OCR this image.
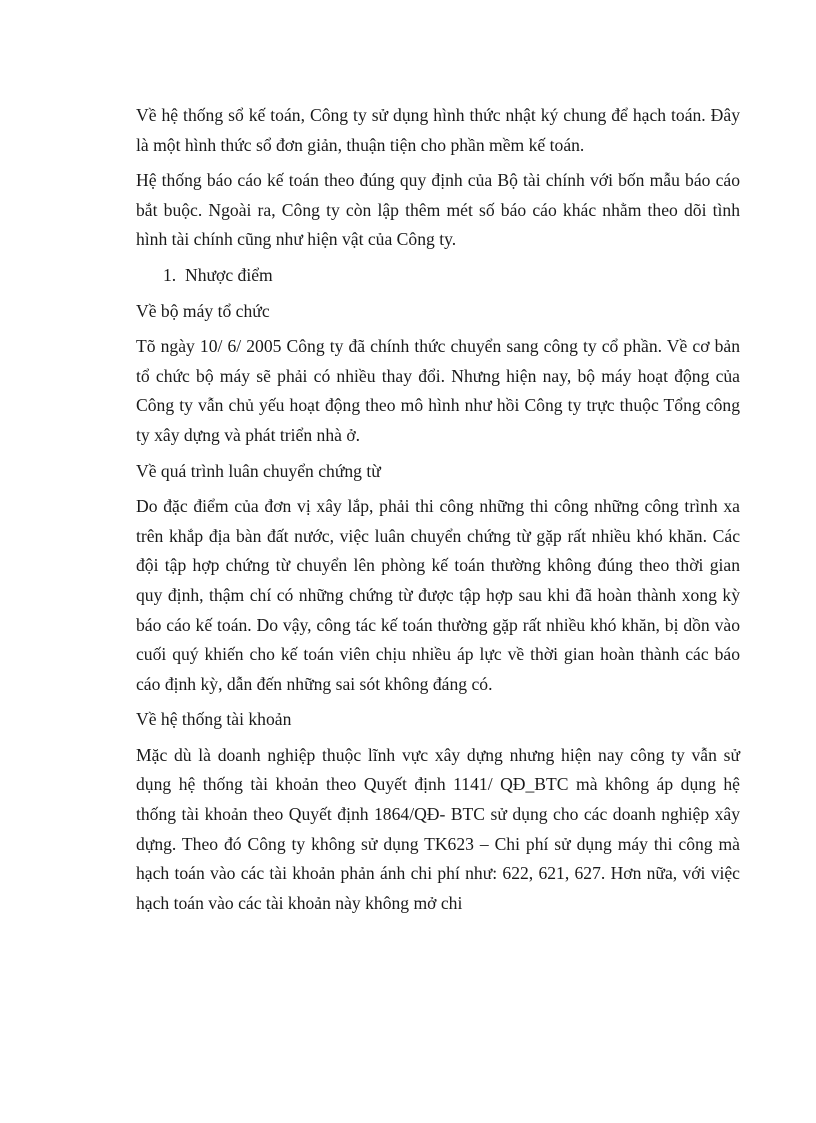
Về hệ thống sổ kế toán, Công ty sử dụng hình thức nhật ký chung để hạch toán. Đây là một hình thức sổ đơn giản, thuận tiện cho phần mềm kế toán.

Hệ thống báo cáo kế toán theo đúng quy định của Bộ tài chính với bốn mẫu báo cáo bắt buộc. Ngoài ra, Công ty còn lập thêm mét số báo cáo khác nhằm theo dõi tình hình tài chính cũng như hiện vật của Công ty.

1. Nhược điểm

Về bộ máy tổ chức

Tõ ngày 10/ 6/ 2005 Công ty đã chính thức chuyển sang công ty cổ phần. Về cơ bản tổ chức bộ máy sẽ phải có nhiều thay đổi. Nhưng hiện nay, bộ máy hoạt động của Công ty vẫn chủ yếu hoạt động theo mô hình như hồi Công ty trực thuộc Tổng công ty xây dựng và phát triển nhà ở.

Về quá trình luân chuyển chứng từ

Do đặc điểm của đơn vị xây lắp, phải thi công những thi công những công trình xa trên khắp địa bàn đất nước, việc luân chuyển chứng từ gặp rất nhiều khó khăn. Các đội tập hợp chứng từ chuyển lên phòng kế toán thường không đúng theo thời gian quy định, thậm chí có những chứng từ được tập hợp sau khi đã hoàn thành xong kỳ báo cáo kế toán. Do vậy, công tác kế toán thường gặp rất nhiều khó khăn, bị dồn vào cuối quý khiến cho kế toán viên chịu nhiều áp lực về thời gian hoàn thành các báo cáo định kỳ, dẫn đến những sai sót không đáng có.

Về hệ thống tài khoản

Mặc dù là doanh nghiệp thuộc lĩnh vực xây dựng nhưng hiện nay công ty vẫn sử dụng hệ thống tài khoản theo Quyết định 1141/ QĐ_BTC mà không áp dụng hệ thống tài khoản theo Quyết định 1864/QĐ- BTC sử dụng cho các doanh nghiệp xây dựng. Theo đó Công ty không sử dụng TK623 – Chi phí sử dụng máy thi công mà hạch toán vào các tài khoản phản ánh chi phí như: 622, 621, 627. Hơn nữa, với việc hạch toán vào các tài khoản này không mở chi
